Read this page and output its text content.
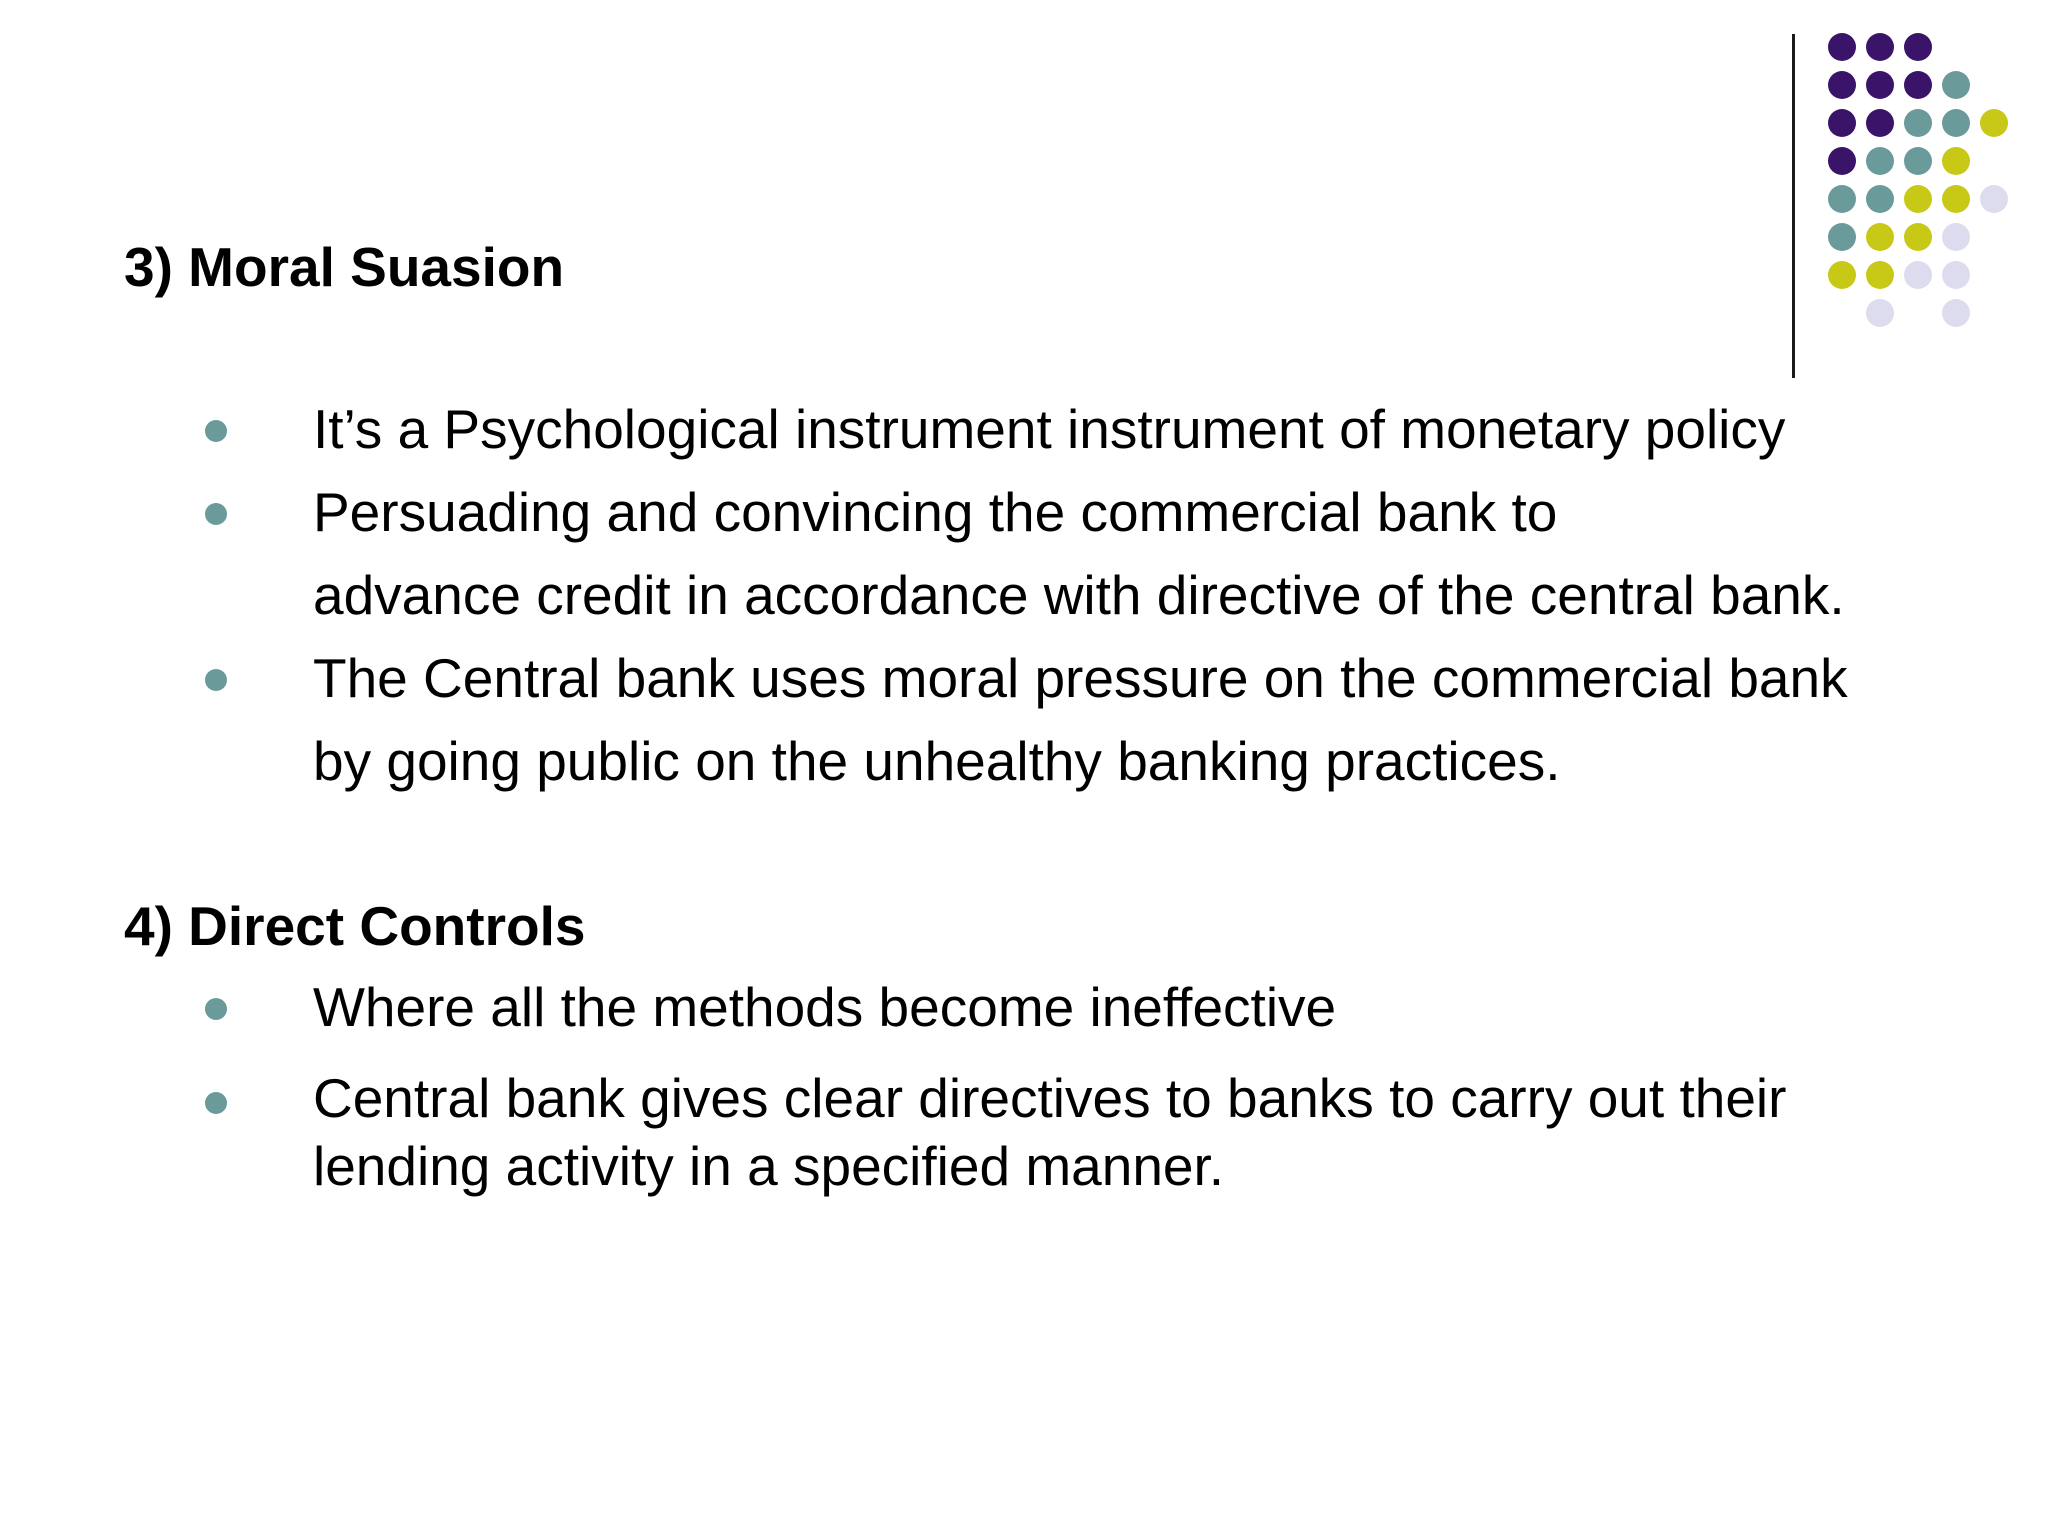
3) Moral Suasion
It’s a Psychological instrument instrument of monetary policy
Persuading and convincing the commercial bank to
advance credit in accordance with directive of the central bank.
The Central bank uses moral pressure on the commercial bank
by going public on the unhealthy banking practices.
4) Direct Controls
Where all the methods become ineffective
Central bank gives clear directives to banks to carry out their
lending activity in a specified manner.
